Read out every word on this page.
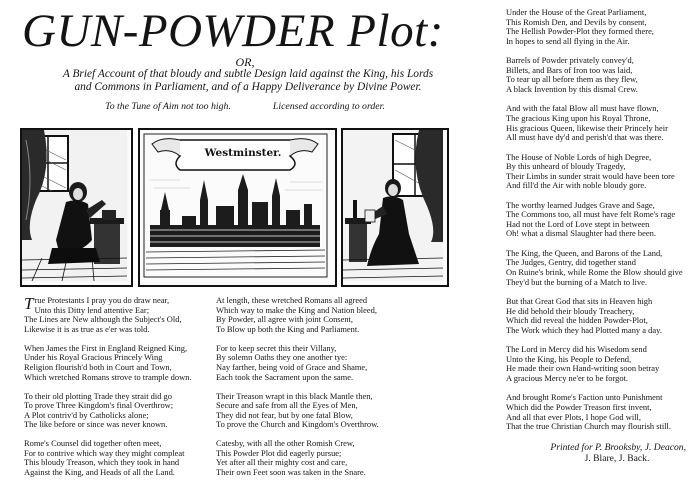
GUN-POWDER Plot:
OR,
A Brief Account of that bloudy and subtle Design laid against the King, his Lords
and Commons in Parliament, and of a Happy Deliverance by Divine Power.
To the Tune of Aim not too high.	Licensed according to order.
Westminster.

True Protestants I pray you do draw near,
Unto this Ditty lend attentive Ear;
The Lines are New although the Subject's Old,
Likewise it is as true as e'er was told.

When James the First in England Reigned King,
Under his Royal Gracious Princely Wing
Religion flourish'd both in Court and Town,
Which wretched Romans strove to trample down.

To their old plotting Trade they strait did go
To prove Three Kingdom's final Overthrow;
A Plot contriv'd by Catholicks alone;
The like before or since was never known.

Rome's Counsel did together often meet,
For to contrive which way they might compleat
This bloudy Treason, which they took in hand
Against the King, and Heads of all the Land.

At length, these wretched Romans all agreed
Which way to make the King and Nation bleed,
By Powder, all agree with joint Consent,
To Blow up both the King and Parliament.

For to keep secret this their Villany,
By solemn Oaths they one another tye:
Nay farther, being void of Grace and Shame,
Each took the Sacrament upon the same.

Their Treason wrapt in this black Mantle then,
Secure and safe from all the Eyes of Men,
They did not fear, but by one fatal Blow,
To prove the Church and Kingdom's Overthrow.

Catesby, with all the other Romish Crew,
This Powder Plot did eagerly pursue;
Yet after all their mighty cost and care,
Their own Feet soon was taken in the Snare.

Under the House of the Great Parliament,
This Romish Den, and Devils by consent,
The Hellish Powder-Plot they formed there,
In hopes to send all flying in the Air.

Barrels of Powder privately convey'd,
Billets, and Bars of Iron too was laid,
To tear up all before them as they flew,
A black Invention by this dismal Crew.

And with the fatal Blow all must have flown,
The gracious King upon his Royal Throne,
His gracious Queen, likewise their Princely heir
All must have dy'd and perish'd that was there.

The House of Noble Lords of high Degree,
By this unheard of bloudy Tragedy,
Their Limbs in sunder strait would have been tore
And fill'd the Air with noble bloudy gore.

The worthy learned Judges Grave and Sage,
The Commons too, all must have felt Rome's rage
Had not the Lord of Love stept in between
Oh! what a dismal Slaughter had there been.

The King, the Queen, and Barons of the Land,
The Judges, Gentry, did together stand
On Ruine's brink, while Rome the Blow should give
They'd but the burning of a Match to live.

But that Great God that sits in Heaven high
He did behold their bloudy Treachery,
Which did reveal the hidden Powder-Plot,
The Work which they had Plotted many a day.

The Lord in Mercy did his Wisedom send
Unto the King, his People to Defend,
He made their own Hand-writing soon betray
A gracious Mercy ne'er to be forgot.

And brought Rome's Faction unto Punishment
Which did the Powder Treason first invent,
And all that ever Plots, I hope God will,
That the true Christian Church may flourish still.

Printed for P. Brooksby, J. Deacon,
J. Blare, J. Back.
